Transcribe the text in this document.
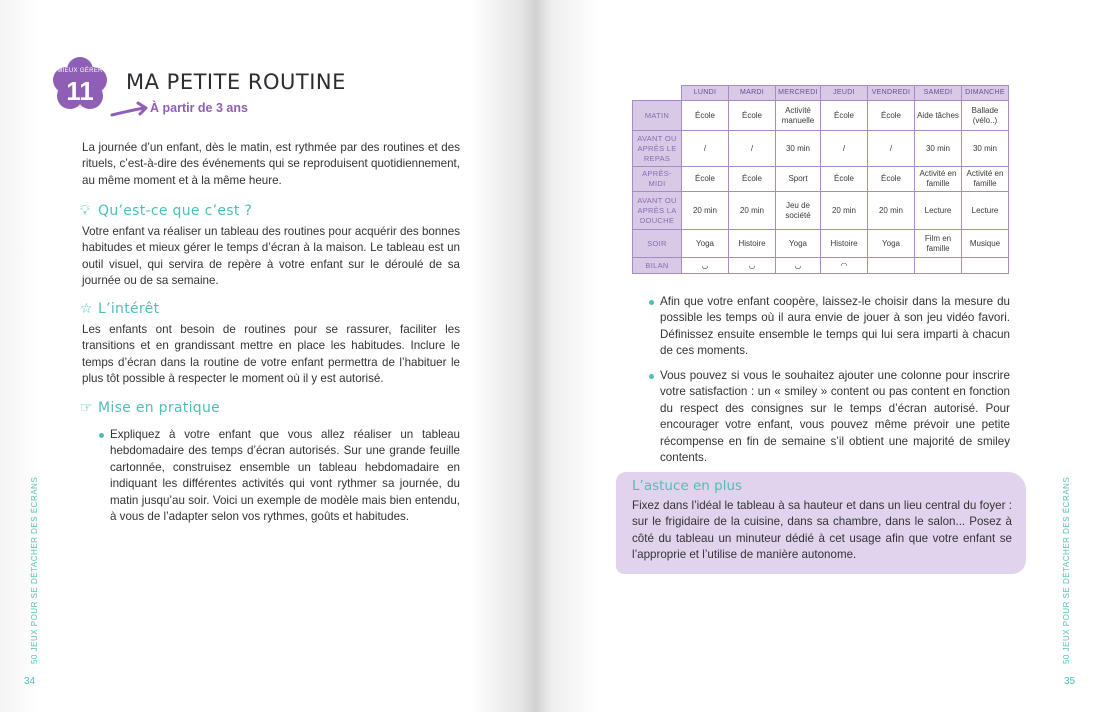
MIEUX GÉRER
11	MA PETITE ROUTINE
À partir de 3 ans
La journée d’un enfant, dès le matin, est rythmée par des routines et des rituels, c’est-à-dire des événements qui se reproduisent quotidiennement, au même moment et à la même heure.
💡︎ Qu’est-ce que c’est ?
Votre enfant va réaliser un tableau des routines pour acquérir des bonnes habitudes et mieux gérer le temps d’écran à la maison. Le tableau est un outil visuel, qui servira de repère à votre enfant sur le déroulé de sa journée ou de sa semaine.
☆ L’intérêt
Les enfants ont besoin de routines pour se rassurer, faciliter les transitions et en grandissant mettre en place les habitudes. Inclure le temps d’écran dans la routine de votre enfant permettra de l’habituer le plus tôt possible à respecter le moment où il y est autorisé.
☞ Mise en pratique
Expliquez à votre enfant que vous allez réaliser un tableau hebdomadaire des temps d’écran autorisés. Sur une grande feuille cartonnée, construisez ensemble un tableau hebdomadaire en indiquant les différentes activités qui vont rythmer sa journée, du matin jusqu’au soir. Voici un exemple de modèle mais bien entendu, à vous de l’adapter selon vos rythmes, goûts et habitudes.
50 JEUX POUR SE DÉTACHER DES ÉCRANS
34
	LUNDI	MARDI	MERCREDI	JEUDI	VENDREDI	SAMEDI	DIMANCHE
MATIN	École	École	Activité manuelle	École	École	Aide tâches	Ballade (vélo..)
AVANT OU APRÈS LE REPAS	/	/	30 min	/	/	30 min	30 min
APRÈS-MIDI	École	École	Sport	École	École	Activité en famille	Activité en famille
AVANT OU APRÈS LA DOUCHE	20 min	20 min	Jeu de société	20 min	20 min	Lecture	Lecture
SOIR	Yoga	Histoire	Yoga	Histoire	Yoga	Film en famille	Musique
BILAN	◡	◡	◡	◠			
Afin que votre enfant coopère, laissez-le choisir dans la mesure du possible les temps où il aura envie de jouer à son jeu vidéo favori. Définissez ensuite ensemble le temps qui lui sera imparti à chacun de ces moments.
Vous pouvez si vous le souhaitez ajouter une colonne pour inscrire votre satisfaction : un « smiley » content ou pas content en fonction du respect des consignes sur le temps d’écran autorisé. Pour encourager votre enfant, vous pouvez même prévoir une petite récompense en fin de semaine s’il obtient une majorité de smiley contents.
L’astuce en plus
Fixez dans l’idéal le tableau à sa hauteur et dans un lieu central du foyer : sur le frigidaire de la cuisine, dans sa chambre, dans le salon... Posez à côté du tableau un minuteur dédié à cet usage afin que votre enfant se l’approprie et l’utilise de manière autonome.	50 JEUX POUR SE DÉTACHER DES ÉCRANS
35
